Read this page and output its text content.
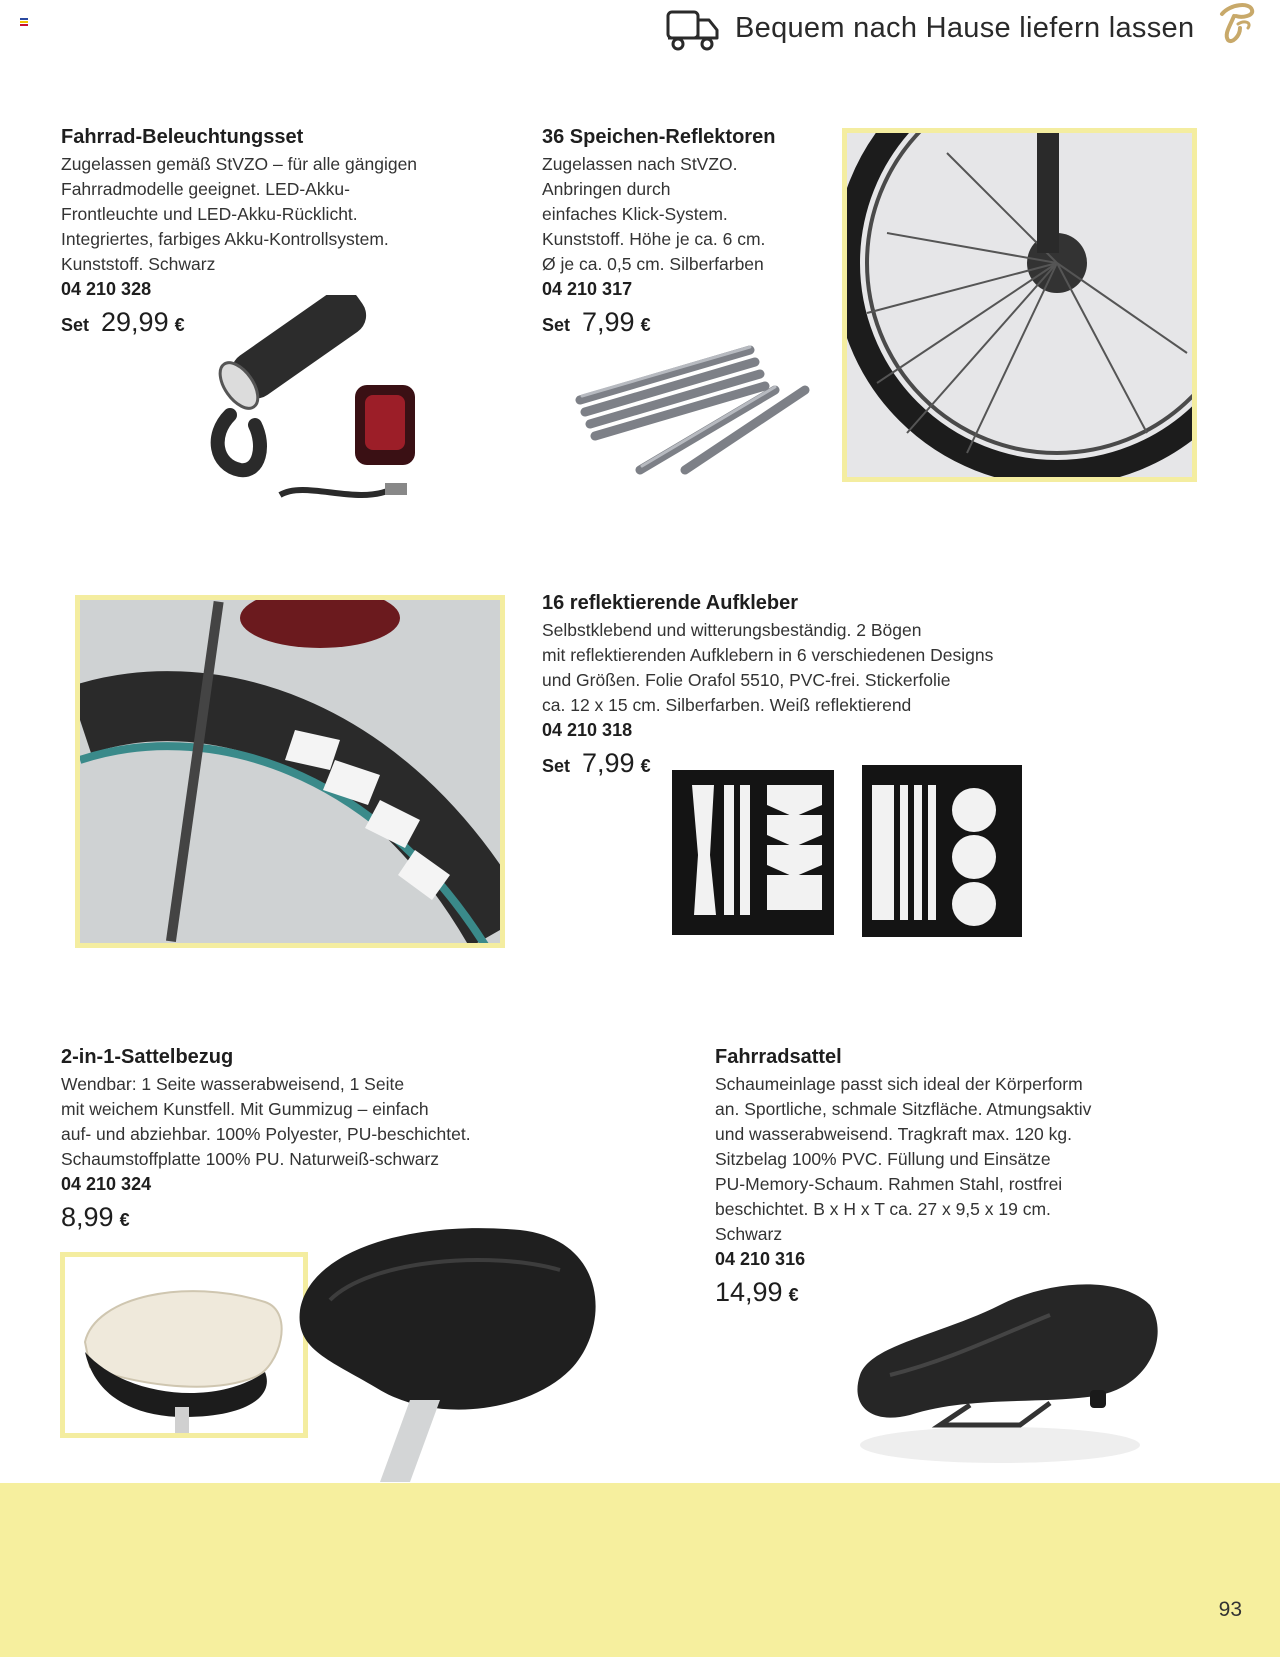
Bequem nach Hause liefern lassen
Fahrrad-Beleuchtungsset
Zugelassen gemäß StVZO – für alle gängigen
Fahrradmodelle geeignet. LED-Akku-
Frontleuchte und LED-Akku-Rücklicht.
Integriertes, farbiges Akku-Kontrollsystem.
Kunststoff. Schwarz
04 210 328
Set 29,99 €
36 Speichen-Reflektoren
Zugelassen nach StVZO.
Anbringen durch
einfaches Klick-System.
Kunststoff. Höhe je ca. 6 cm.
Ø je ca. 0,5 cm. Silberfarben
04 210 317
Set 7,99 €
16 reflektierende Aufkleber
Selbstklebend und witterungsbeständig. 2 Bögen
mit reflektierenden Aufklebern in 6 verschiedenen Designs
und Größen. Folie Orafol 5510, PVC-frei. Stickerfolie
ca. 12 x 15 cm. Silberfarben. Weiß reflektierend
04 210 318
Set 7,99 €
2-in-1-Sattelbezug
Wendbar: 1 Seite wasserabweisend, 1 Seite
mit weichem Kunstfell. Mit Gummizug – einfach
auf- und abziehbar. 100% Polyester, PU-beschichtet.
Schaumstoffplatte 100% PU. Naturweiß-schwarz
04 210 324
8,99 €
Fahrradsattel
Schaumeinlage passt sich ideal der Körperform
an. Sportliche, schmale Sitzfläche. Atmungsaktiv
und wasserabweisend. Tragkraft max. 120 kg.
Sitzbelag 100% PVC. Füllung und Einsätze
PU-Memory-Schaum. Rahmen Stahl, rostfrei
beschichtet. B x H x T ca. 27 x 9,5 x 19 cm.
Schwarz
04 210 316
14,99 €
93
